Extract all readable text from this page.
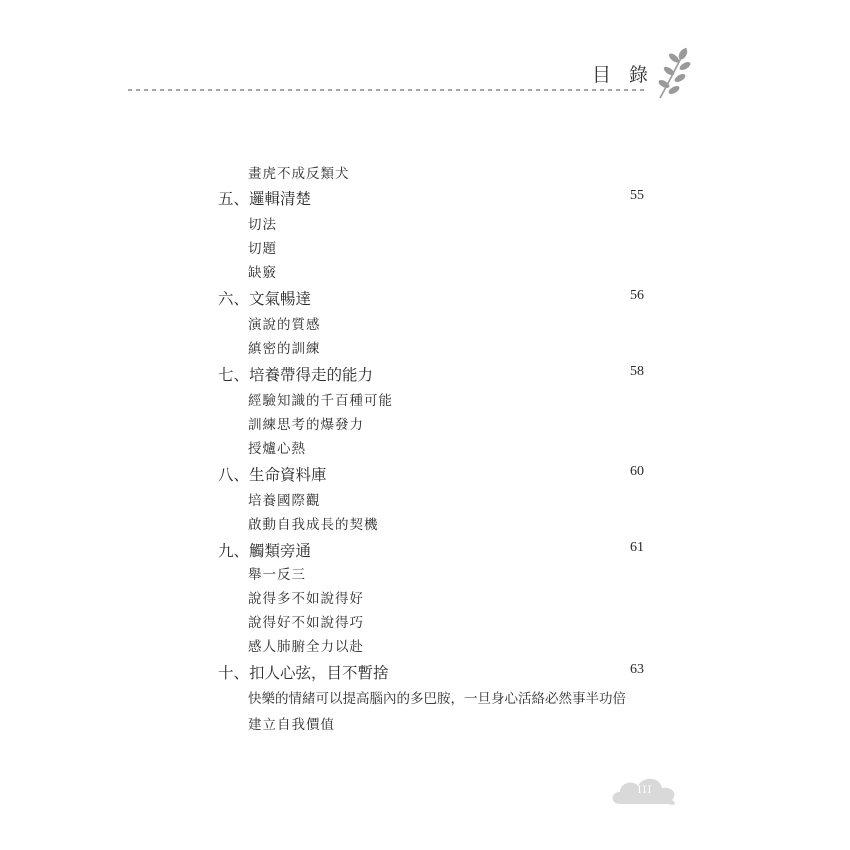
目 錄
畫虎不成反類犬
五、邏輯清楚	55
切法
切題
缺竅
六、文氣暢達	56
演說的質感
縝密的訓練
七、培養帶得走的能力	58
經驗知識的千百種可能
訓練思考的爆發力
授爐心熱
八、生命資料庫	60
培養國際觀
啟動自我成長的契機
九、觸類旁通	61
舉一反三
說得多不如說得好
說得好不如說得巧
感人肺腑全力以赴
十、扣人心弦，目不暫捨	63
快樂的情緒可以提高腦內的多巴胺，一旦身心活絡必然事半功倍
建立自我價值
III
